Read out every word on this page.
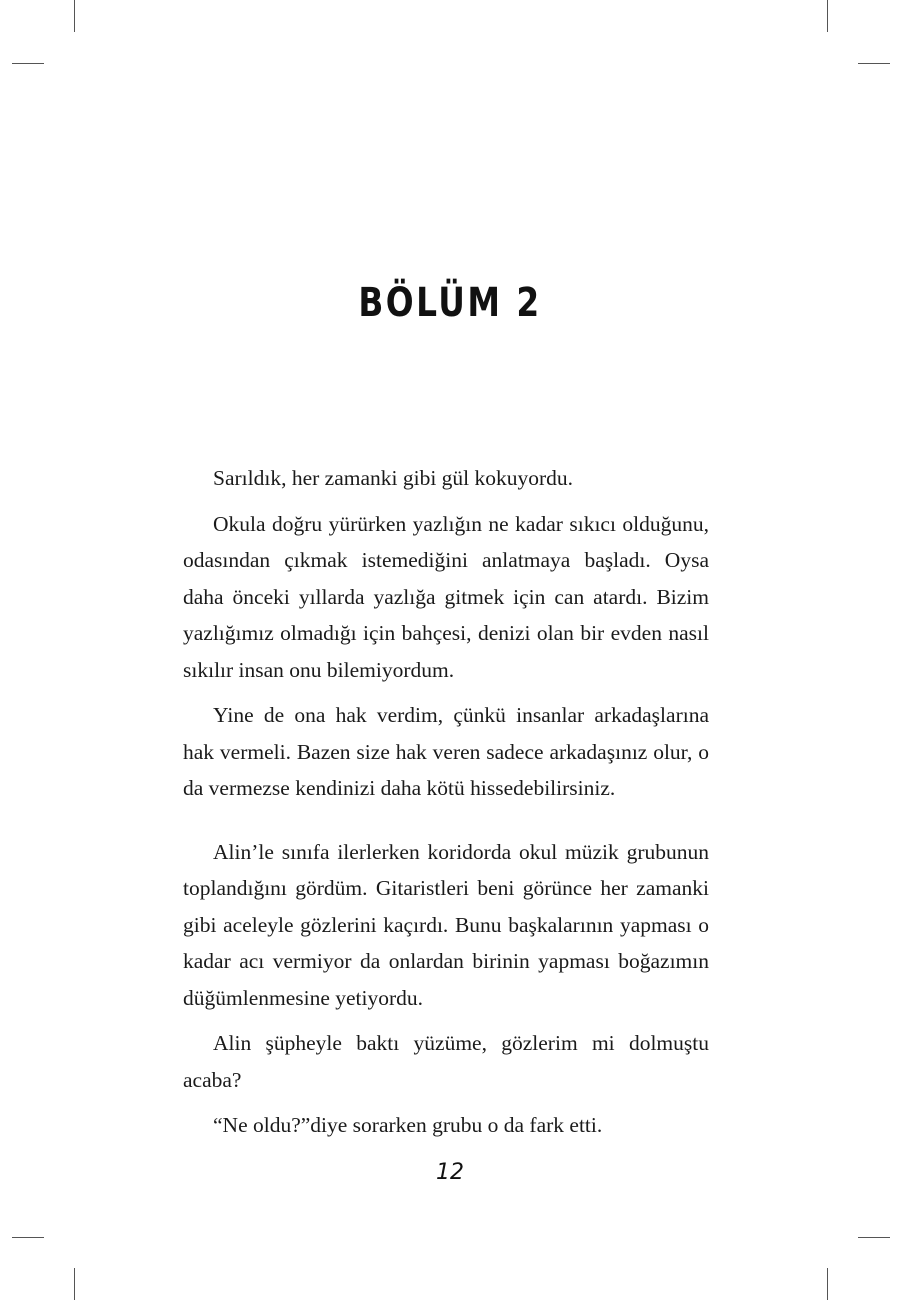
BÖLÜM 2

Sarıldık, her zamanki gibi gül kokuyordu.

Okula doğru yürürken yazlığın ne kadar sıkıcı olduğunu, odasından çıkmak istemediğini anlatmaya başladı. Oysa daha önceki yıllarda yazlığa gitmek için can atardı. Bizim yazlığımız olmadığı için bahçesi, denizi olan bir evden nasıl sıkılır insan onu bilemiyordum.

Yine de ona hak verdim, çünkü insanlar arkadaşlarına hak vermeli. Bazen size hak veren sadece arkadaşınız olur, o da vermezse kendinizi daha kötü hissedebilirsiniz.

Alin’le sınıfa ilerlerken koridorda okul müzik grubunun toplandığını gördüm. Gitaristleri beni görünce her zamanki gibi aceleyle gözlerini kaçırdı. Bunu başkalarının yapması o kadar acı vermiyor da onlardan birinin yapması boğazımın düğümlenmesine yetiyordu.

Alin şüpheyle baktı yüzüme, gözlerim mi dolmuştu acaba?

“Ne oldu?”diye sorarken grubu o da fark etti.

12
